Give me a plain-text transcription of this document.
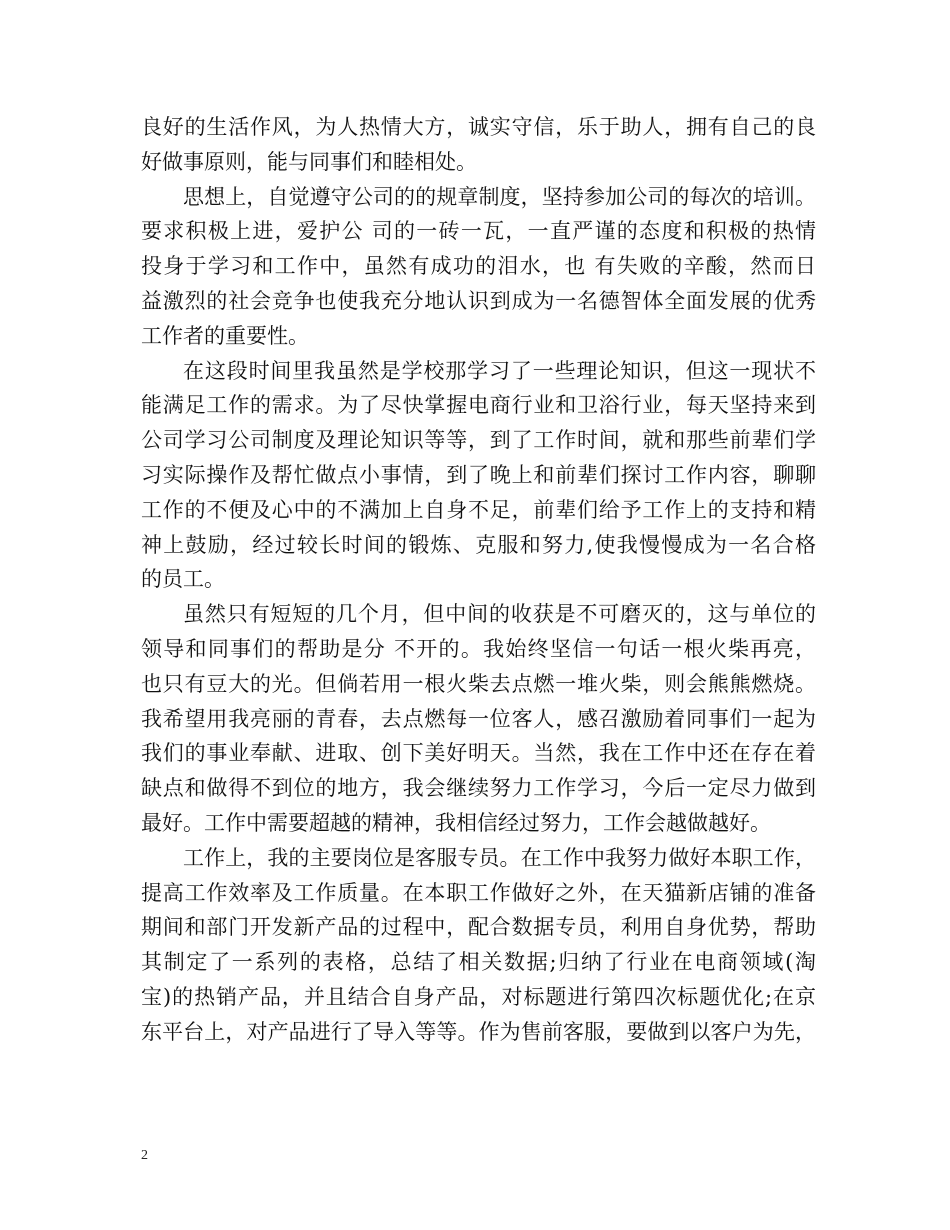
良好的生活作风，为人热情大方，诚实守信，乐于助人，拥有自己的良
好做事原则，能与同事们和睦相处。
思想上，自觉遵守公司的的规章制度，坚持参加公司的每次的培训。
要求积极上进，爱护公 司的一砖一瓦，一直严谨的态度和积极的热情
投身于学习和工作中，虽然有成功的泪水，也 有失败的辛酸，然而日
益激烈的社会竞争也使我充分地认识到成为一名德智体全面发展的优秀
工作者的重要性。
在这段时间里我虽然是学校那学习了一些理论知识，但这一现状不
能满足工作的需求。为了尽快掌握电商行业和卫浴行业，每天坚持来到
公司学习公司制度及理论知识等等，到了工作时间，就和那些前辈们学
习实际操作及帮忙做点小事情，到了晚上和前辈们探讨工作内容，聊聊
工作的不便及心中的不满加上自身不足，前辈们给予工作上的支持和精
神上鼓励，经过较长时间的锻炼、克服和努力,使我慢慢成为一名合格
的员工。
虽然只有短短的几个月，但中间的收获是不可磨灭的，这与单位的
领导和同事们的帮助是分 不开的。我始终坚信一句话一根火柴再亮，
也只有豆大的光。但倘若用一根火柴去点燃一堆火柴，则会熊熊燃烧。
我希望用我亮丽的青春，去点燃每一位客人，感召激励着同事们一起为
我们的事业奉献、进取、创下美好明天。当然，我在工作中还在存在着
缺点和做得不到位的地方，我会继续努力工作学习，今后一定尽力做到
最好。工作中需要超越的精神，我相信经过努力，工作会越做越好。
工作上，我的主要岗位是客服专员。在工作中我努力做好本职工作，
提高工作效率及工作质量。在本职工作做好之外，在天猫新店铺的准备
期间和部门开发新产品的过程中，配合数据专员，利用自身优势，帮助
其制定了一系列的表格，总结了相关数据;归纳了行业在电商领域(淘
宝)的热销产品，并且结合自身产品，对标题进行第四次标题优化;在京
东平台上，对产品进行了导入等等。作为售前客服，要做到以客户为先，
2
